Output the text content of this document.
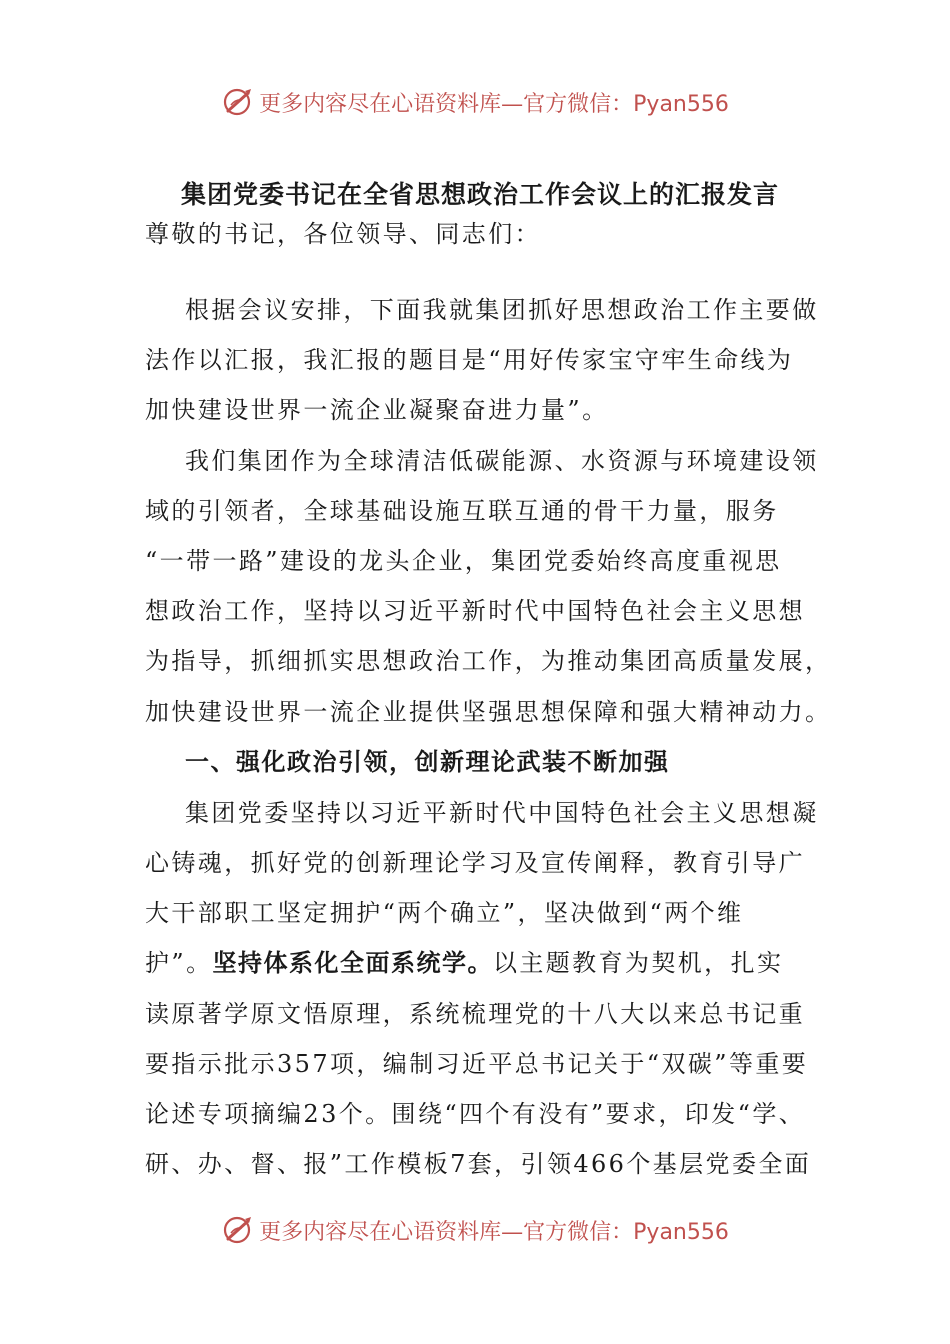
更多内容尽在心语资料库—官方微信：Pyan556
集团党委书记在全省思想政治工作会议上的汇报发言
尊敬的书记，各位领导、同志们：
根据会议安排，下面我就集团抓好思想政治工作主要做
法作以汇报，我汇报的题目是“用好传家宝守牢生命线为
加快建设世界一流企业凝聚奋进力量”。
我们集团作为全球清洁低碳能源、水资源与环境建设领
域的引领者，全球基础设施互联互通的骨干力量，服务
“一带一路”建设的龙头企业，集团党委始终高度重视思
想政治工作，坚持以习近平新时代中国特色社会主义思想
为指导，抓细抓实思想政治工作，为推动集团高质量发展，
加快建设世界一流企业提供坚强思想保障和强大精神动力。
一、强化政治引领，创新理论武装不断加强
集团党委坚持以习近平新时代中国特色社会主义思想凝
心铸魂，抓好党的创新理论学习及宣传阐释，教育引导广
大干部职工坚定拥护“两个确立”，坚决做到“两个维
护”。坚持体系化全面系统学。以主题教育为契机，扎实
读原著学原文悟原理，系统梳理党的十八大以来总书记重
要指示批示357项，编制习近平总书记关于“双碳”等重要
论述专项摘编23个。围绕“四个有没有”要求，印发“学、
研、办、督、报”工作模板7套，引领466个基层党委全面
更多内容尽在心语资料库—官方微信：Pyan556
